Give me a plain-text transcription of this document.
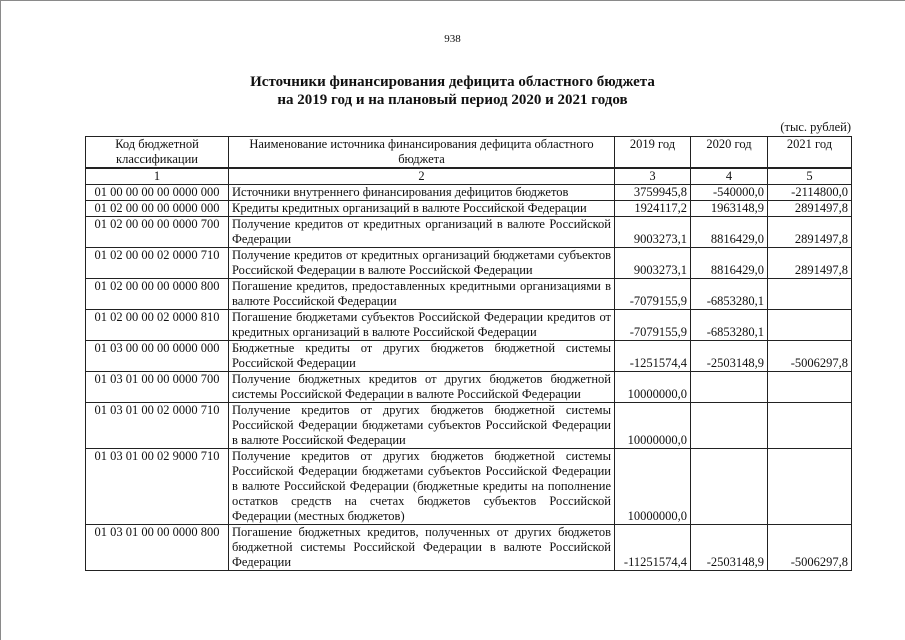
938
Источники финансирования дефицита областного бюджета
на 2019 год и на плановый период 2020 и 2021 годов
(тыс. рублей)
Код бюджетной классификации	Наименование источника финансирования дефицита областного бюджета	2019 год	2020 год	2021 год
1	2	3	4	5
01 00 00 00 00 0000 000	Источники внутреннего финансирования дефицитов бюджетов	3759945,8	-540000,0	-2114800,0
01 02 00 00 00 0000 000	Кредиты кредитных организаций в валюте Российской Федерации	1924117,2	1963148,9	2891497,8
01 02 00 00 00 0000 700	Получение кредитов от кредитных организаций в валюте Российской Федерации	9003273,1	8816429,0	2891497,8
01 02 00 00 02 0000 710	Получение кредитов от кредитных организаций бюджетами субъектов Российской Федерации в валюте Российской Федерации	9003273,1	8816429,0	2891497,8
01 02 00 00 00 0000 800	Погашение кредитов, предоставленных кредитными организациями в валюте Российской Федерации	-7079155,9	-6853280,1	
01 02 00 00 02 0000 810	Погашение бюджетами субъектов Российской Федерации кредитов от кредитных организаций в валюте Российской Федерации	-7079155,9	-6853280,1	
01 03 00 00 00 0000 000	Бюджетные кредиты от других бюджетов бюджетной системы Российской Федерации	-1251574,4	-2503148,9	-5006297,8
01 03 01 00 00 0000 700	Получение бюджетных кредитов от других бюджетов бюджетной системы Российской Федерации в валюте Российской Федерации	10000000,0		
01 03 01 00 02 0000 710	Получение кредитов от других бюджетов бюджетной системы Российской Федерации бюджетами субъектов Российской Федерации в валюте Российской Федерации	10000000,0		
01 03 01 00 02 9000 710	Получение кредитов от других бюджетов бюджетной системы Российской Федерации бюджетами субъектов Российской Федерации в валюте Российской Федерации (бюджетные кредиты на пополнение остатков средств на счетах бюджетов субъектов Российской Федерации (местных бюджетов)	10000000,0		
01 03 01 00 00 0000 800	Погашение бюджетных кредитов, полученных от других бюджетов бюджетной системы Российской Федерации в валюте Российской Федерации	-11251574,4	-2503148,9	-5006297,8
